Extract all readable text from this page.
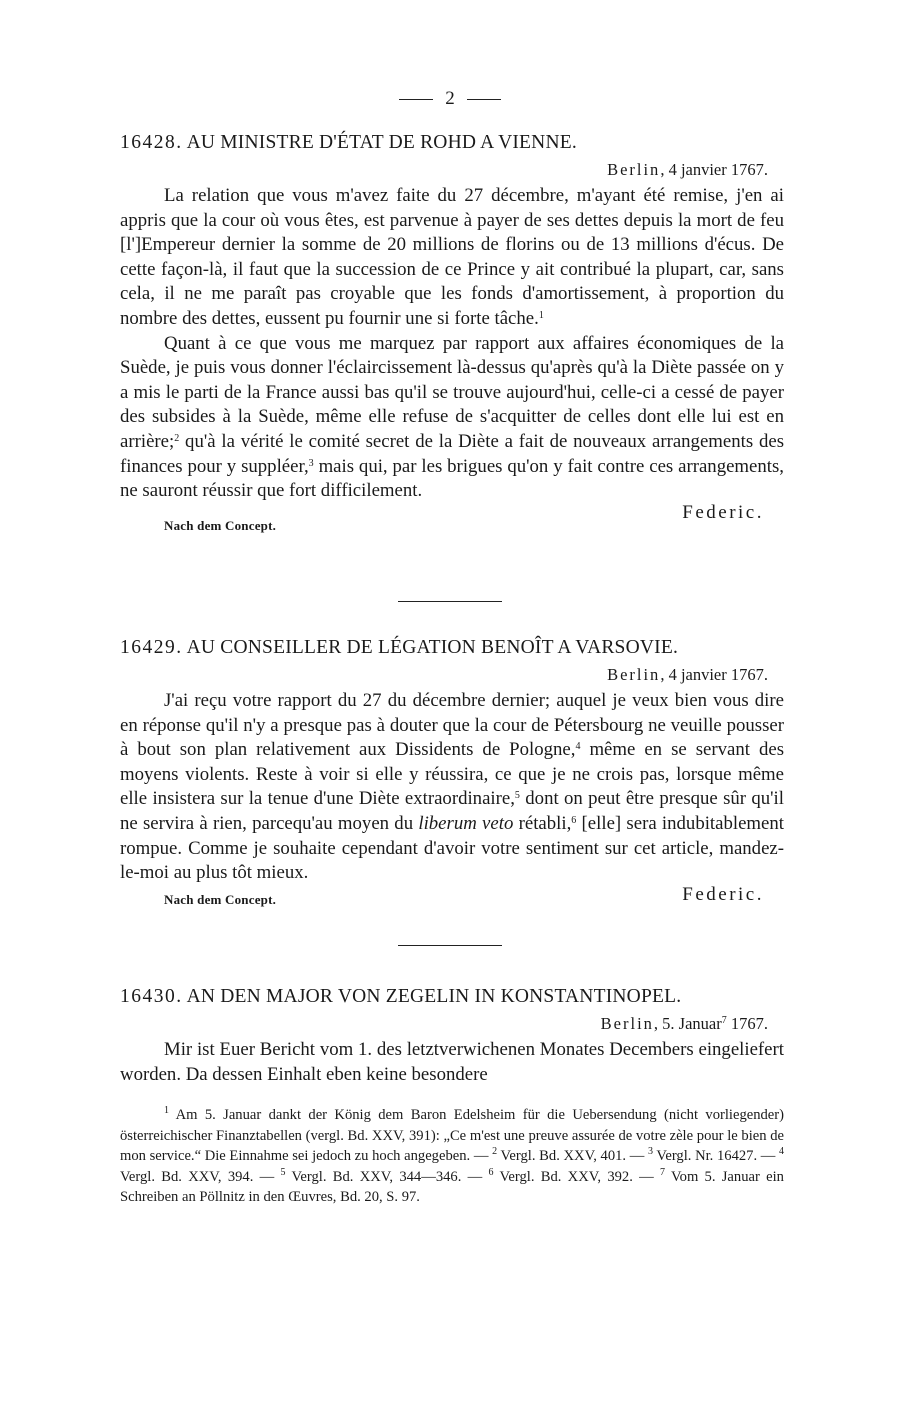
2
16428. AU MINISTRE D'ÉTAT DE ROHD A VIENNE.
Berlin, 4 janvier 1767.

La relation que vous m'avez faite du 27 décembre, m'ayant été remise, j'en ai appris que la cour où vous êtes, est parvenue à payer de ses dettes depuis la mort de feu [l']Empereur dernier la somme de 20 millions de florins ou de 13 millions d'écus. De cette façon-là, il faut que la succession de ce Prince y ait contribué la plupart, car, sans cela, il ne me paraît pas croyable que les fonds d'amortissement, à proportion du nombre des dettes, eussent pu fournir une si forte tâche.$^1$

Quant à ce que vous me marquez par rapport aux affaires économiques de la Suède, je puis vous donner l'éclaircissement là-dessus qu'après qu'à la Diète passée on y a mis le parti de la France aussi bas qu'il se trouve aujourd'hui, celle-ci a cessé de payer des subsides à la Suède, même elle refuse de s'acquitter de celles dont elle lui est en arrière;$^2$ qu'à la vérité le comité secret de la Diète a fait de nouveaux arrangements des finances pour y suppléer,$^3$ mais qui, par les brigues qu'on y fait contre ces arrangements, ne sauront réussir que fort difficilement.

Nach dem Concept.
Federic.
16429. AU CONSEILLER DE LÉGATION BENOÎT A VARSOVIE.
Berlin, 4 janvier 1767.

J'ai reçu votre rapport du 27 du décembre dernier; auquel je veux bien vous dire en réponse qu'il n'y a presque pas à douter que la cour de Pétersbourg ne veuille pousser à bout son plan relativement aux Dissidents de Pologne,$^4$ même en se servant des moyens violents. Reste à voir si elle y réussira, ce que je ne crois pas, lorsque même elle insistera sur la tenue d'une Diète extraordinaire,$^5$ dont on peut être presque sûr qu'il ne servira à rien, parcequ'au moyen du liberum veto rétabli,$^6$ [elle] sera indubitablement rompue. Comme je souhaite cependant d'avoir votre sentiment sur cet article, mandez-le-moi au plus tôt mieux.

Nach dem Concept.	Federic.
16430. AN DEN MAJOR VON ZEGELIN IN KONSTANTINOPEL.
Berlin, 5. Januar$^7$ 1767.

Mir ist Euer Bericht vom 1. des letztverwichenen Monates Decembers eingeliefert worden. Da dessen Einhalt eben keine besondere

$^1$ Am 5. Januar dankt der König dem Baron Edelsheim für die Uebersendung (nicht vorliegender) österreichischer Finanztabellen (vergl. Bd. XXV, 391): „Ce m'est une preuve assurée de votre zèle pour le bien de mon service.“ Die Einnahme sei jedoch zu hoch angegeben. — $^2$ Vergl. Bd. XXV, 401. — $^3$ Vergl. Nr. 16427. — $^4$ Vergl. Bd. XXV, 394. — $^5$ Vergl. Bd. XXV, 344—346. — $^6$ Vergl. Bd. XXV, 392. — $^7$ Vom 5. Januar ein Schreiben an Pöllnitz in den Œuvres, Bd. 20, S. 97.
